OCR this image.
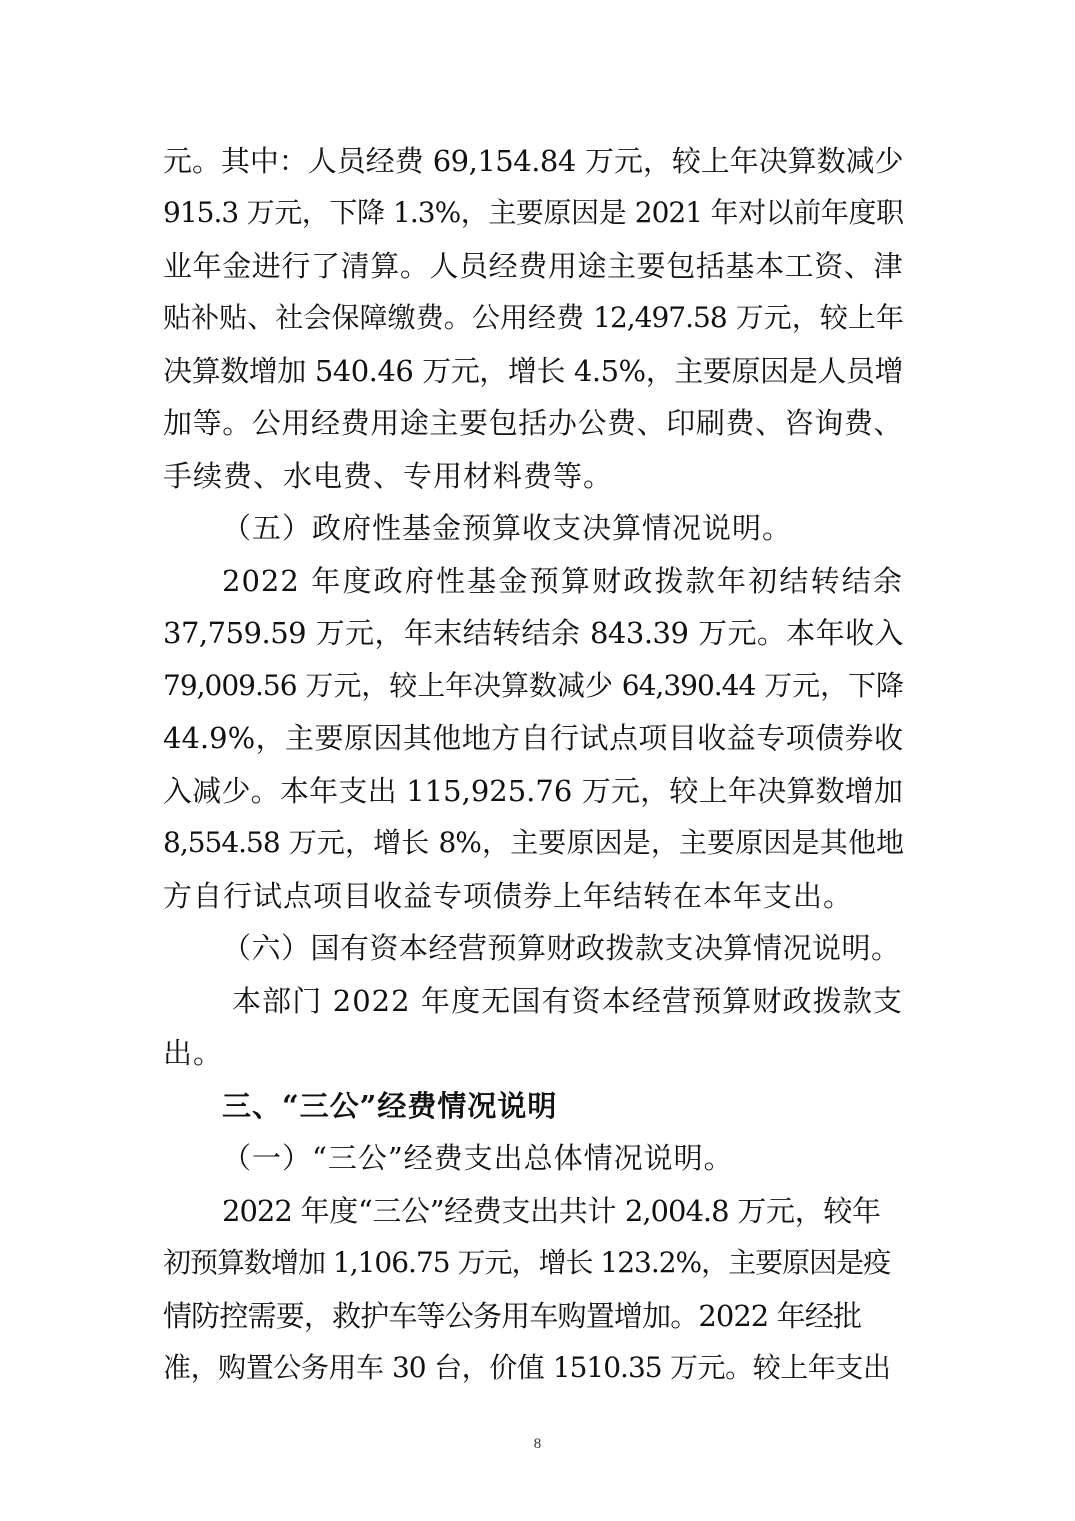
元。其中：人员经费 69,154.84 万元，较上年决算数减少
915.3 万元，下降 1.3%，主要原因是 2021 年对以前年度职
业年金进行了清算。人员经费用途主要包括基本工资、津
贴补贴、社会保障缴费。公用经费 12,497.58 万元，较上年
决算数增加 540.46 万元，增长 4.5%，主要原因是人员增
加等。公用经费用途主要包括办公费、印刷费、咨询费、
手续费、水电费、专用材料费等。
（五）政府性基金预算收支决算情况说明。
2022 年度政府性基金预算财政拨款年初结转结余
37,759.59 万元，年末结转结余 843.39 万元。本年收入
79,009.56 万元，较上年决算数减少 64,390.44 万元，下降
44.9%，主要原因其他地方自行试点项目收益专项债券收
入减少。本年支出 115,925.76 万元，较上年决算数增加
8,554.58 万元，增长 8%，主要原因是，主要原因是其他地
方自行试点项目收益专项债券上年结转在本年支出。
（六）国有资本经营预算财政拨款支决算情况说明。
本部门 2022 年度无国有资本经营预算财政拨款支
出。
三、“三公”经费情况说明
（一）“三公”经费支出总体情况说明。
2022 年度“三公”经费支出共计 2,004.8 万元，较年
初预算数增加 1,106.75 万元，增长 123.2%，主要原因是疫
情防控需要，救护车等公务用车购置增加。2022 年经批
准，购置公务用车 30 台，价值 1510.35 万元。较上年支出
8
